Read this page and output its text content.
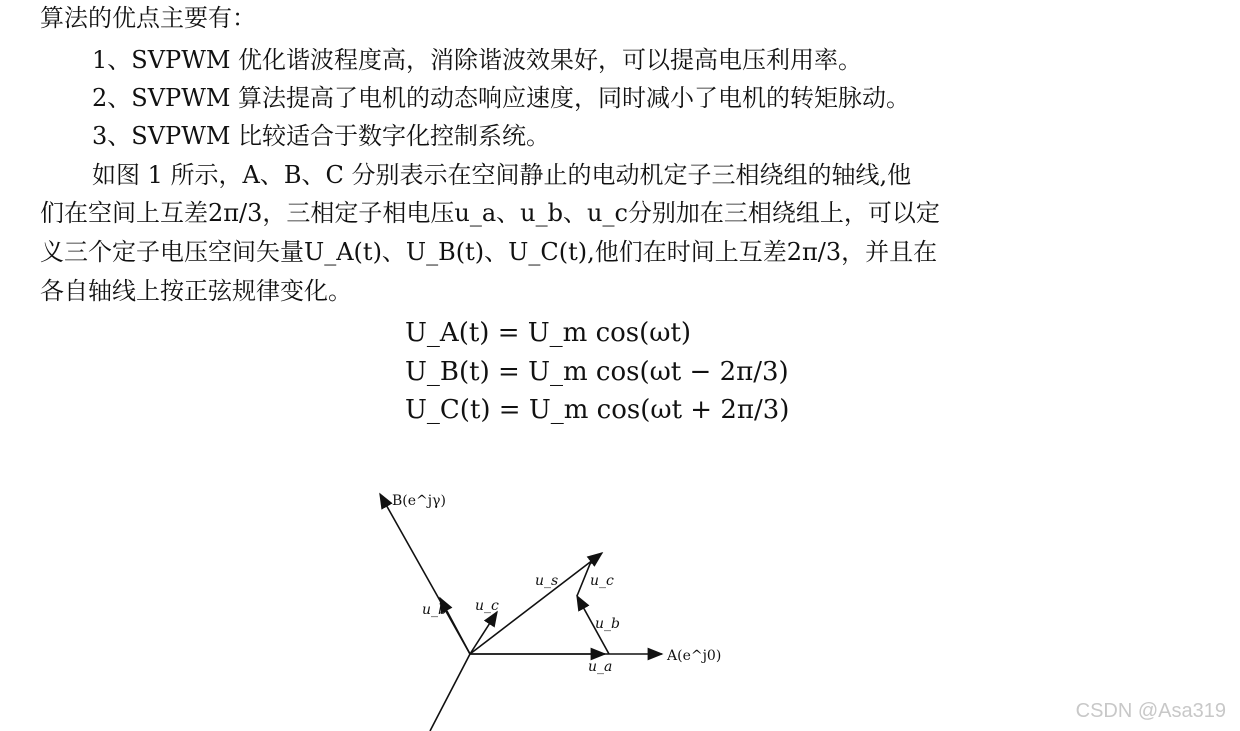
算法的优点主要有：
1、SVPWM 优化谐波程度高，消除谐波效果好，可以提高电压利用率。
2、SVPWM 算法提高了电机的动态响应速度，同时减小了电机的转矩脉动。
3、SVPWM 比较适合于数字化控制系统。
如图 1 所示，A、B、C 分别表示在空间静止的电动机定子三相绕组的轴线,他
们在空间上互差2π/3，三相定子相电压u_a、u_b、u_c分别加在三相绕组上，可以定
义三个定子电压空间矢量U_A(t)、U_B(t)、U_C(t),他们在时间上互差2π/3，并且在
各自轴线上按正弦规律变化。
U_A(t) = U_m cos(ωt)
U_B(t) = U_m cos(ωt − 2π/3)
U_C(t) = U_m cos(ωt + 2π/3)
B(e^jγ)
A(e^j0)
u_b u_c
u_s u_c
u_b
u_a
CSDN @Asa319
